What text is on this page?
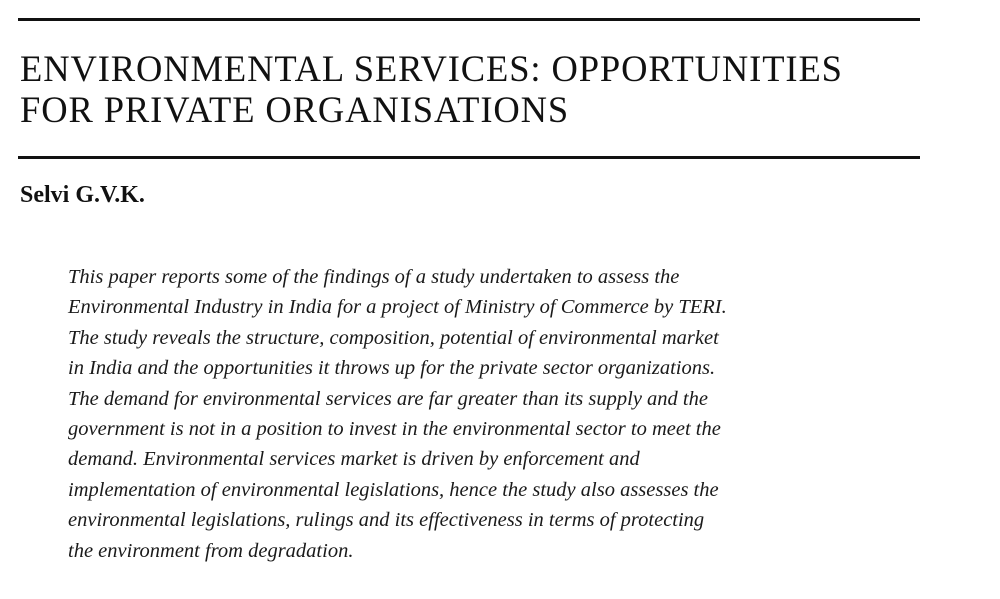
ENVIRONMENTAL SERVICES: OPPORTUNITIES
FOR PRIVATE ORGANISATIONS

Selvi G.V.K.

This paper reports some of the findings of a study undertaken to assess the
Environmental Industry in India for a project of Ministry of Commerce by TERI.
The study reveals the structure, composition, potential of environmental market
in India and the opportunities it throws up for the private sector organizations.
The demand for environmental services are far greater than its supply and the
government is not in a position to invest in the environmental sector to meet the
demand. Environmental services market is driven by enforcement and
implementation of environmental legislations, hence the study also assesses the
environmental legislations, rulings and its effectiveness in terms of protecting
the environment from degradation.
